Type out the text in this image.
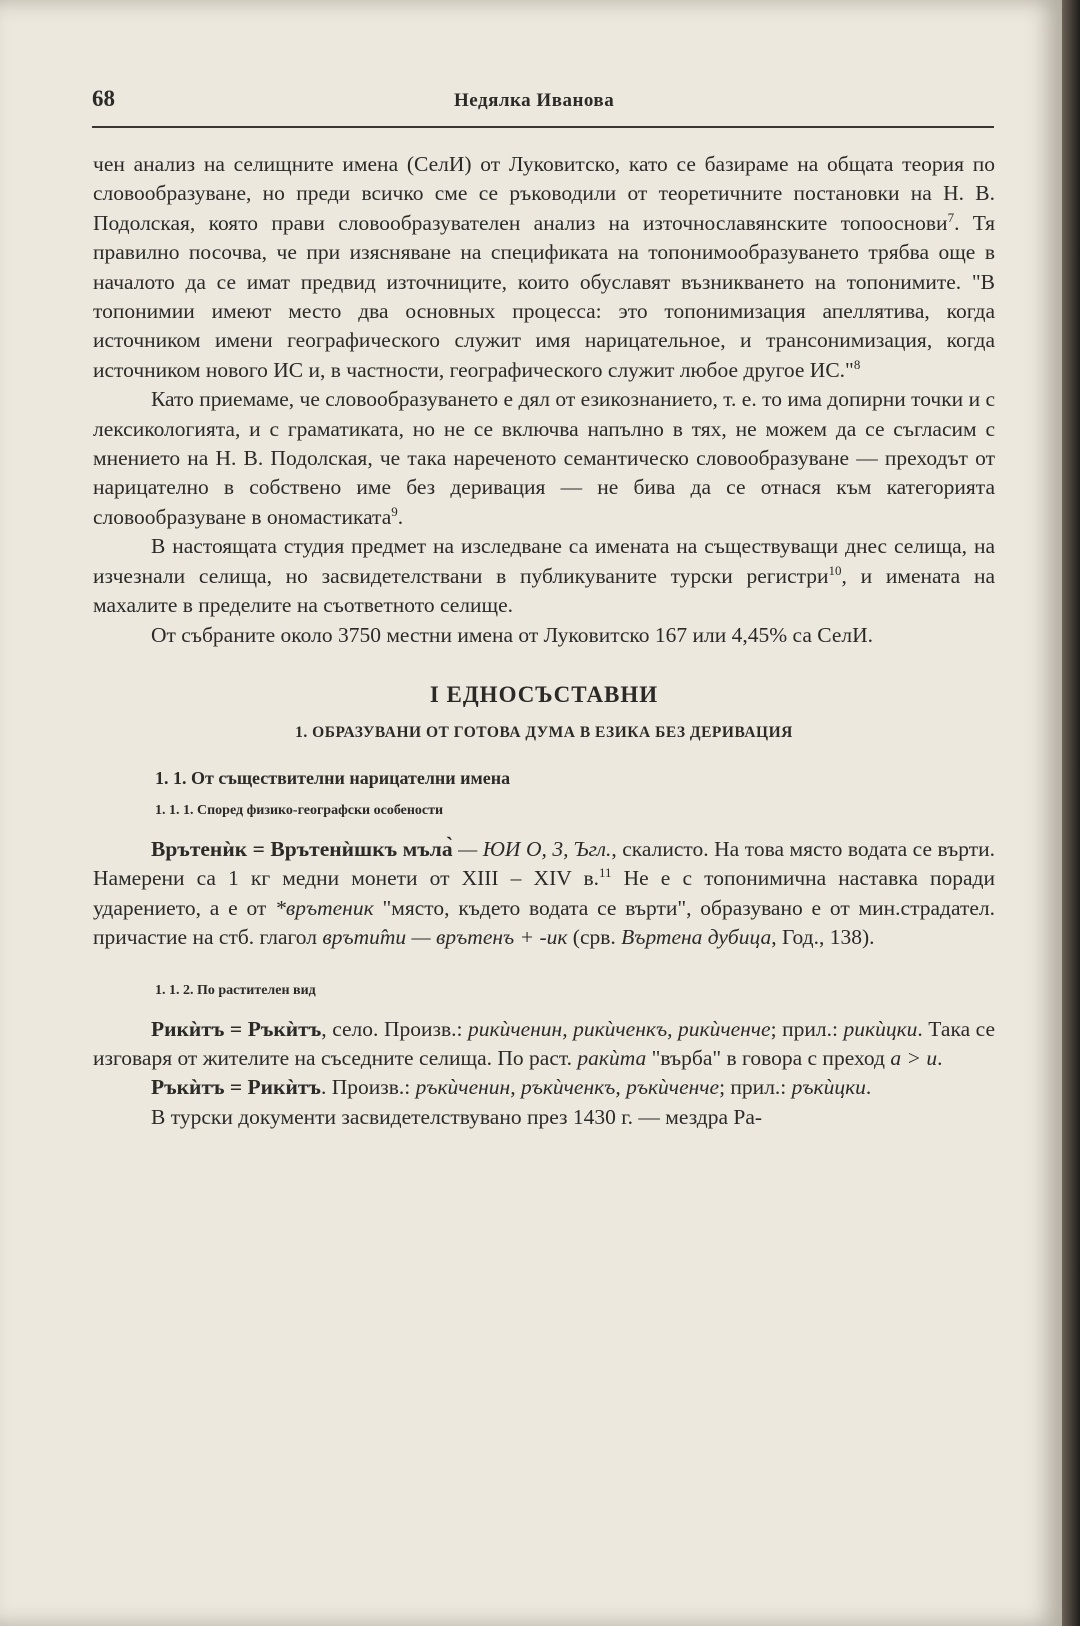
68	Недялка Иванова

чен анализ на селищните имена (СелИ) от Луковитско, като се базираме на общата теория по словообразуване, но преди всичко сме се ръководили от теоретичните постановки на Н. В. Подолская, която прави словообразувателен анализ на източнославянските топооснови$^7$. Тя правилно посочва, че при изясняване на спецификата на топонимообразуването трябва още в началото да се имат предвид източниците, които обуславят възникването на топонимите. "В топонимии имеют место два основных процесса: это топонимизация апеллятива, когда источником имени географического служит имя нарицательное, и трансонимизация, когда источником нового ИС и, в частности, географического служит любое другое ИС."$^8$

Като приемаме, че словообразуването е дял от езикознанието, т. е. то има допирни точки и с лексикологията, и с граматиката, но не се включва напълно в тях, не можем да се съгласим с мнението на Н. В. Подолская, че така нареченото семантическо словообразуване — преходът от нарицателно в собствено име без деривация — не бива да се отнася към категорията словообразуване в ономастиката$^9$.

В настоящата студия предмет на изследване са имената на съществуващи днес селища, на изчезнали селища, но засвидетелствани в публикуваните турски регистри$^{10}$, и имената на махалите в пределите на съответното селище.

От събраните около 3750 местни имена от Луковитско 167 или 4,45% са СелИ.

I ЕДНОСЪСТАВНИ
1. ОБРАЗУВАНИ ОТ ГОТОВА ДУМА В ЕЗИКА БЕЗ ДЕРИВАЦИЯ
1. 1. От съществителни нарицателни имена
1. 1. 1. Според физико-географски особености

Врътенѝк = Врътенѝшкъ мъла̀ — ЮИ О, 3, Ъгл., скалисто. На това място водата се върти. Намерени са 1 кг медни монети от XIII – XIV в.$^{11}$ Не е с топонимична наставка поради ударението, а е от *врътеник "място, където водата се върти", образувано е от мин.страдател. причастие на стб. глагол връти̂ти — врътенъ + -ик (срв. Въртена дубица, Год., 138).

1. 1. 2. По растителен вид

Рикѝтъ = Ръкѝтъ, село. Произв.: рикѝченин, рикѝченкъ, рикѝченче; прил.: рикѝцки. Така се изговаря от жителите на съседните селища. По раст. ракѝта "върба" в говора с преход а > и.

Ръкѝтъ = Рикѝтъ. Произв.: ръкѝченин, ръкѝченкъ, ръкѝченче; прил.: ръкѝцки.

В турски документи засвидетелствувано през 1430 г. — мездра Ра-
